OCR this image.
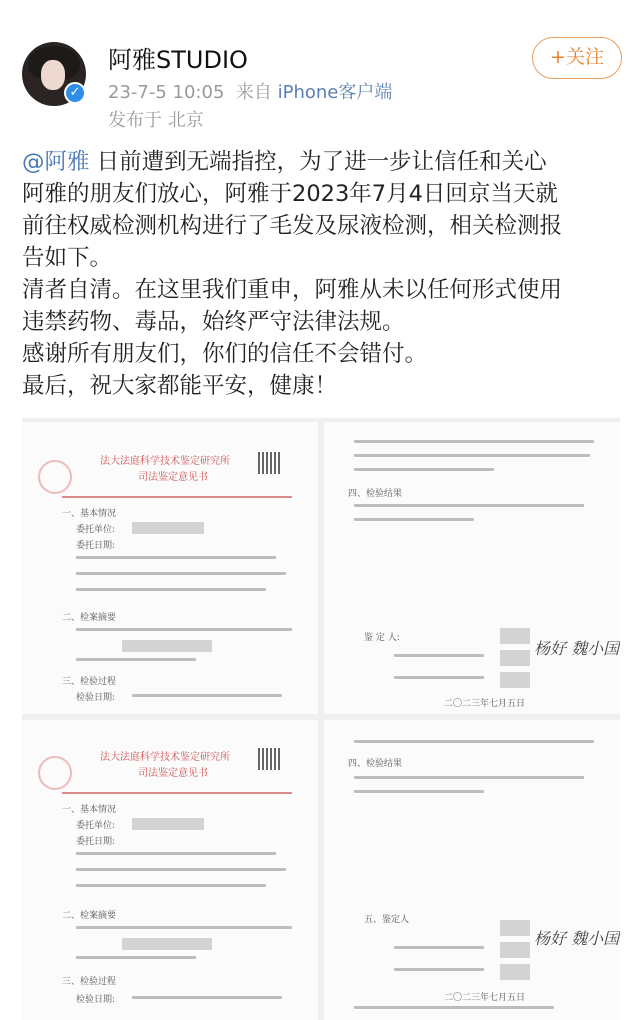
✓
阿雅STUDIO
23-7-5 10:05 来自 iPhone客户端
发布于 北京
+关注

@阿雅 日前遭到无端指控，为了进一步让信任和关心

阿雅的朋友们放心，阿雅于2023年7月4日回京当天就

前往权威检测机构进行了毛发及尿液检测，相关检测报

告如下。

清者自清。在这里我们重申，阿雅从未以任何形式使用

违禁药物、毒品，始终严守法律法规。

感谢所有朋友们，你们的信任不会错付。

最后，祝大家都能平安，健康！

法大法庭科学技术鉴定研究所
司法鉴定意见书
一、基本情况
委托单位:
委托日期:
二、检案摘要
三、检验过程
检验日期:
四、检验结果
鉴 定 人:
杨好 魏小国
二〇二三年七月五日
法大法庭科学技术鉴定研究所
司法鉴定意见书
一、基本情况
委托单位:
委托日期:
二、检案摘要
三、检验过程
检验日期:
四、检验结果
五、鉴定人
杨好 魏小国
二〇二三年七月五日
